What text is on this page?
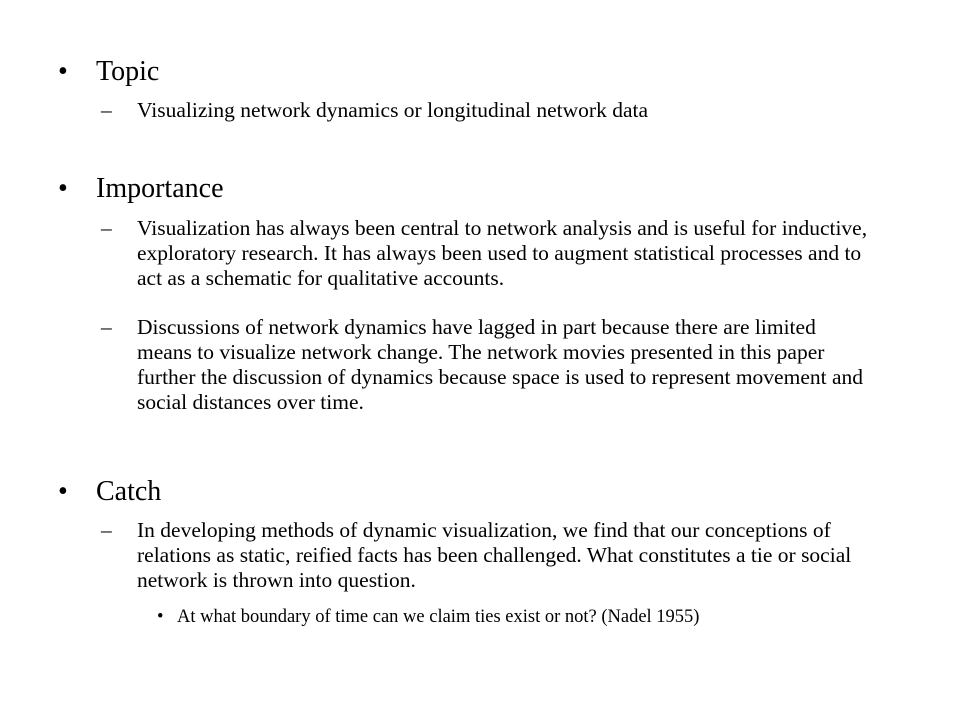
• Topic
– Visualizing network dynamics or longitudinal network data
• Importance
– Visualization has always been central to network analysis and is useful for inductive, exploratory research. It has always been used to augment statistical processes and to act as a schematic for qualitative accounts.
– Discussions of network dynamics have lagged in part because there are limited means to visualize network change. The network movies presented in this paper further the discussion of dynamics because space is used to represent movement and social distances over time.
• Catch
– In developing methods of dynamic visualization, we find that our conceptions of relations as static, reified facts has been challenged. What constitutes a tie or social network is thrown into question.
• At what boundary of time can we claim ties exist or not? (Nadel 1955)
